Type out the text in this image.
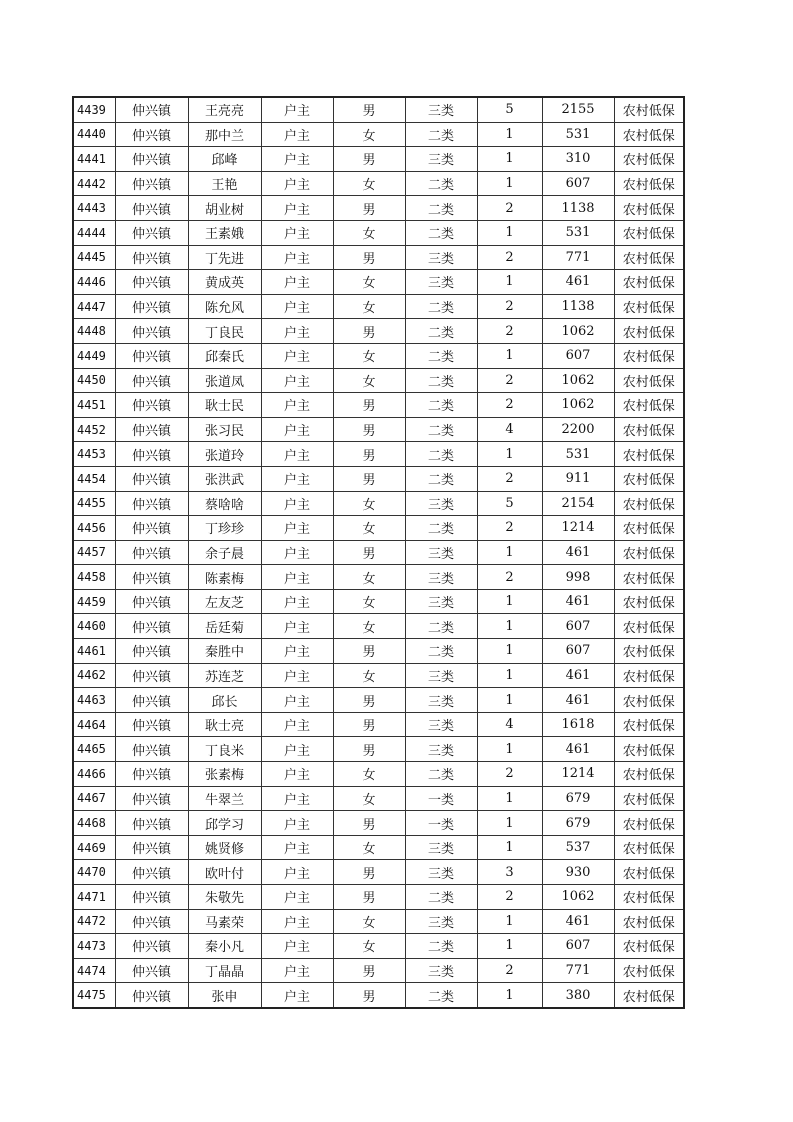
4439	仲兴镇	王亮亮	户主	男	三类	5	2155	农村低保
4440	仲兴镇	那中兰	户主	女	二类	1	531	农村低保
4441	仲兴镇	邱峰	户主	男	三类	1	310	农村低保
4442	仲兴镇	王艳	户主	女	二类	1	607	农村低保
4443	仲兴镇	胡业树	户主	男	二类	2	1138	农村低保
4444	仲兴镇	王素娥	户主	女	二类	1	531	农村低保
4445	仲兴镇	丁先进	户主	男	三类	2	771	农村低保
4446	仲兴镇	黄成英	户主	女	三类	1	461	农村低保
4447	仲兴镇	陈允风	户主	女	二类	2	1138	农村低保
4448	仲兴镇	丁良民	户主	男	二类	2	1062	农村低保
4449	仲兴镇	邱秦氏	户主	女	二类	1	607	农村低保
4450	仲兴镇	张道凤	户主	女	二类	2	1062	农村低保
4451	仲兴镇	耿士民	户主	男	二类	2	1062	农村低保
4452	仲兴镇	张习民	户主	男	二类	4	2200	农村低保
4453	仲兴镇	张道玲	户主	男	二类	1	531	农村低保
4454	仲兴镇	张洪武	户主	男	二类	2	911	农村低保
4455	仲兴镇	蔡啥啥	户主	女	三类	5	2154	农村低保
4456	仲兴镇	丁珍珍	户主	女	二类	2	1214	农村低保
4457	仲兴镇	余子晨	户主	男	三类	1	461	农村低保
4458	仲兴镇	陈素梅	户主	女	三类	2	998	农村低保
4459	仲兴镇	左友芝	户主	女	三类	1	461	农村低保
4460	仲兴镇	岳廷菊	户主	女	二类	1	607	农村低保
4461	仲兴镇	秦胜中	户主	男	二类	1	607	农村低保
4462	仲兴镇	苏连芝	户主	女	三类	1	461	农村低保
4463	仲兴镇	邱长	户主	男	三类	1	461	农村低保
4464	仲兴镇	耿士亮	户主	男	三类	4	1618	农村低保
4465	仲兴镇	丁良米	户主	男	三类	1	461	农村低保
4466	仲兴镇	张素梅	户主	女	二类	2	1214	农村低保
4467	仲兴镇	牛翠兰	户主	女	一类	1	679	农村低保
4468	仲兴镇	邱学习	户主	男	一类	1	679	农村低保
4469	仲兴镇	姚贤修	户主	女	三类	1	537	农村低保
4470	仲兴镇	欧叶付	户主	男	三类	3	930	农村低保
4471	仲兴镇	朱敬先	户主	男	二类	2	1062	农村低保
4472	仲兴镇	马素荣	户主	女	三类	1	461	农村低保
4473	仲兴镇	秦小凡	户主	女	二类	1	607	农村低保
4474	仲兴镇	丁晶晶	户主	男	三类	2	771	农村低保
4475	仲兴镇	张申	户主	男	二类	1	380	农村低保
